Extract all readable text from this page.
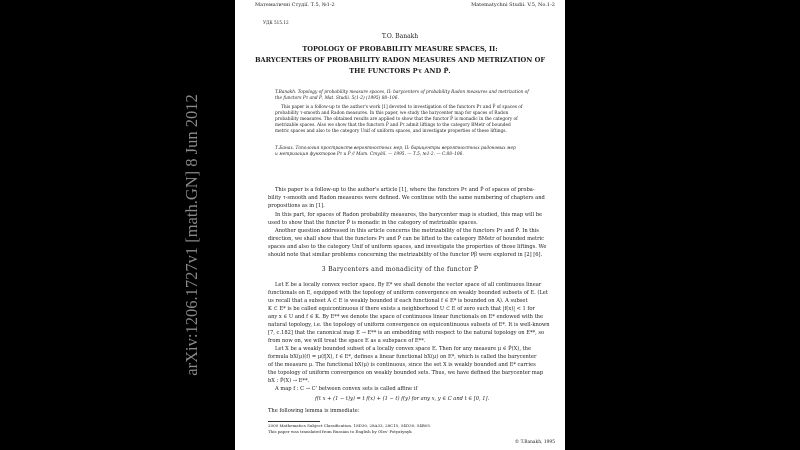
arXiv:1206.1727v1 [math.GN] 8 Jun 2012

Математичні Студії. Т.5, №1-2	Matematychni Studii. V.5, No.1-2

УДК 515.12

T.O. Banakh

TOPOLOGY OF PROBABILITY MEASURE SPACES, II:

BARYCENTERS OF PROBABILITY RADON MEASURES AND METRIZATION OF

THE FUNCTORS Pτ AND P̂.

T.Banakh. Topology of probability measure spaces, II: barycenters of probability Radon measures and metrization of

the functors Pτ and P̂, Mat. Studii. 5(1-2) (1995) 88–106.

This paper is a follow-up to the author's work [1] devoted to investigation of the functors Pτ and P̂ of spaces of

probability τ-smooth and Radon measures. In this paper, we study the barycenter map for spaces of Radon

probability measures. The obtained results are applied to show that the functor P̂ is monadic in the category of

metrizable spaces. Also we show that the functors P̂ and Pτ admit liftings to the category BMetr of bounded

metric spaces and also to the category Unif of uniform spaces, and investigate properties of these liftings.

Т.Банах. Топология пространств вероятностных мер, II: барицентры вероятностных радоновых мер

и метризация функторов Pτ и P̂ // Мат. Студії. — 1995. — Т.5, №1-2. — C.88–106.

This paper is a follow-up to the author's article [1], where the functors Pτ and P̂ of spaces of proba-

bility τ-smooth and Radon measures were defined. We continue with the same numbering of chapters and

propositions as in [1].

In this part, for spaces of Radon probability measures, the barycenter map is studied, this map will be

used to show that the functor P̂ is monadic in the category of metrizable spaces.

Another question addressed in this article concerns the metrizability of the functors Pτ and P̂. In this

direction, we shall show that the functors Pτ and P̂ can be lifted to the category BMetr of bounded metric

spaces and also to the category Unif of uniform spaces, and investigate the properties of those liftings. We

should note that similar problems concerning the metrizability of the functor Pβ were explored in [2] [6].

3 Barycenters and monadicity of the functor P̂

Let E be a locally convex vector space. By E* we shall denote the vector space of all continuous linear

functionals on E, equipped with the topology of uniform convergence on weakly bounded subsets of E. (Let

us recall that a subset A ⊂ E is weakly bounded if each functional f ∈ E* is bounded on A). A subset

K ⊂ E* is be called equicontinuous if there exists a neighborhood U ⊂ E of zero such that |f(x)| < 1 for

any x ∈ U and f ∈ K. By E** we denote the space of continuous linear functionals on E* endowed with the

natural topology, i.e. the topology of uniform convergence on equicontinuous subsets of E*. It is well-known

[7, c.182] that the canonical map E → E** is an embedding with respect to the natural topology on E**, so

from now on, we will treat the space E as a subspace of E**.

Let X be a weakly bounded subset of a locally convex space E. Then for any measure μ ∈ P̂(X), the

formula bX(μ)(f) = μ(f|X), f ∈ E*, defines a linear functional bX(μ) on E*, which is called the barycenter

of the measure μ. The functional bX(μ) is continuous, since the set X is weakly bounded and E* carries

the topology of uniform convergence on weakly bounded sets. Thus, we have defined the barycenter map

bX : P̂(X) → E**.

A map f : C → C' between convex sets is called affine if

f(t x + (1 − t)y) = t f(x) + (1 − t) f(y) for any x, y ∈ C and t ∈ [0, 1].

The following lemma is immediate:

2000 Mathematics Subject Classification. 18D30, 28A33, 28C15, 54D30, 54B05.

This paper was translated from Russian to English by Oles' Potyatynyk

© T.Banakh, 1995
